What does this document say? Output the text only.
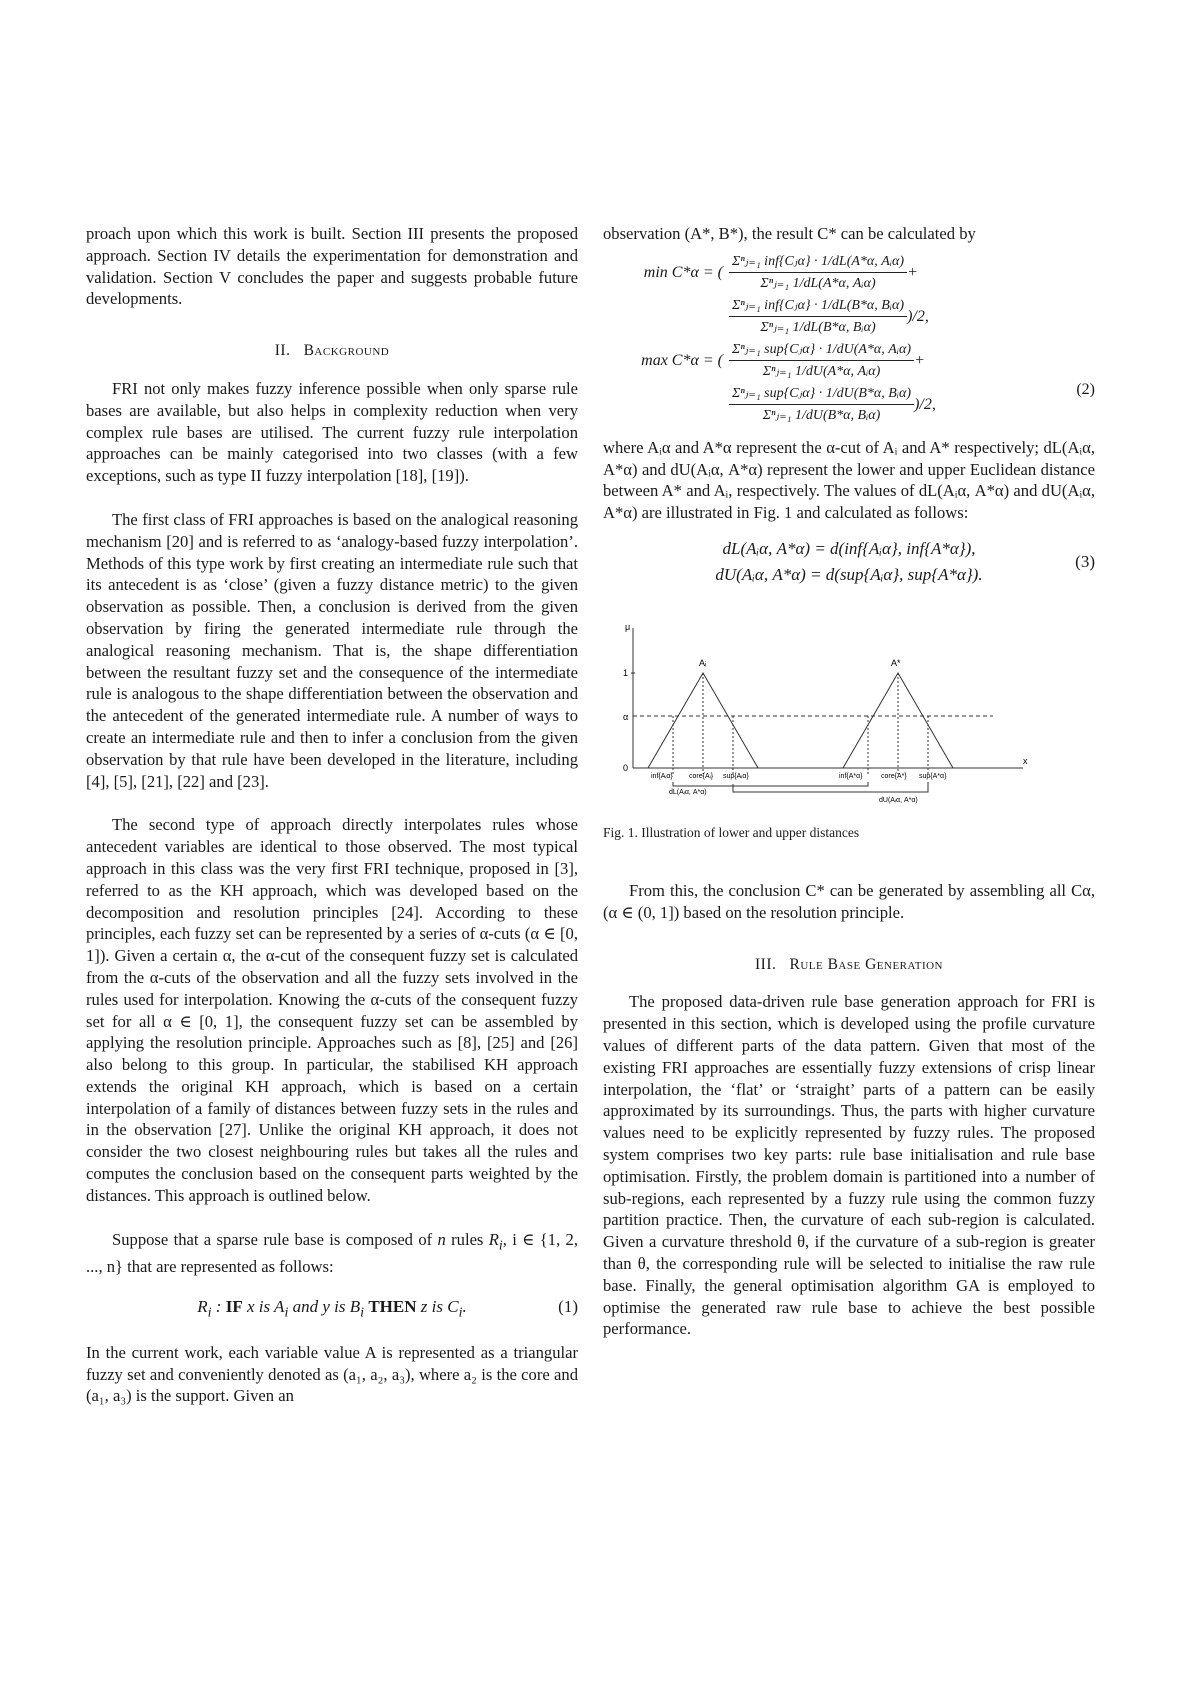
proach upon which this work is built. Section III presents the proposed approach. Section IV details the experimentation for demonstration and validation. Section V concludes the paper and suggests probable future developments.

II. Background

FRI not only makes fuzzy inference possible when only sparse rule bases are available, but also helps in complexity reduction when very complex rule bases are utilised. The current fuzzy rule interpolation approaches can be mainly categorised into two classes (with a few exceptions, such as type II fuzzy interpolation [18], [19]).

The first class of FRI approaches is based on the analogical reasoning mechanism [20] and is referred to as ‘analogy-based fuzzy interpolation’. Methods of this type work by first creating an intermediate rule such that its antecedent is as ‘close’ (given a fuzzy distance metric) to the given observation as possible. Then, a conclusion is derived from the given observation by firing the generated intermediate rule through the analogical reasoning mechanism. That is, the shape differentiation between the resultant fuzzy set and the consequence of the intermediate rule is analogous to the shape differentiation between the observation and the antecedent of the generated intermediate rule. A number of ways to create an intermediate rule and then to infer a conclusion from the given observation by that rule have been developed in the literature, including [4], [5], [21], [22] and [23].

The second type of approach directly interpolates rules whose antecedent variables are identical to those observed. The most typical approach in this class was the very first FRI technique, proposed in [3], referred to as the KH approach, which was developed based on the decomposition and resolution principles [24]. According to these principles, each fuzzy set can be represented by a series of α-cuts (α ∈ [0, 1]). Given a certain α, the α-cut of the consequent fuzzy set is calculated from the α-cuts of the observation and all the fuzzy sets involved in the rules used for interpolation. Knowing the α-cuts of the consequent fuzzy set for all α ∈ [0, 1], the consequent fuzzy set can be assembled by applying the resolution principle. Approaches such as [8], [25] and [26] also belong to this group. In particular, the stabilised KH approach extends the original KH approach, which is based on a certain interpolation of a family of distances between fuzzy sets in the rules and in the observation [27]. Unlike the original KH approach, it does not consider the two closest neighbouring rules but takes all the rules and computes the conclusion based on the consequent parts weighted by the distances. This approach is outlined below.

Suppose that a sparse rule base is composed of n rules $R_i$, i ∈ {1, 2, ..., n} that are represented as follows:

$R_i$ : IF x is $A_i$ and y is $B_i$ THEN z is $C_i$.	(1)

In the current work, each variable value A is represented as a triangular fuzzy set and conveniently denoted as (a₁, a₂, a₃), where a₂ is the core and (a₁, a₃) is the support. Given an

observation (A*, B*), the result C* can be calculated by

min C*α = ( $\frac{\text{Σⁿⱼ₌₁ inf\{Cⱼα\} · 1/dL(A*α, Aᵢα)}}{\text{Σⁿⱼ₌₁ 1/dL(A*α, Aᵢα)}}$ +
$\frac{\text{Σⁿⱼ₌₁ inf\{Cⱼα\} · 1/dL(B*α, Bᵢα)}}{\text{Σⁿⱼ₌₁ 1/dL(B*α, Bᵢα)}} )/2$,
max C*α = ( $\frac{\text{Σⁿⱼ₌₁ sup\{Cⱼα\} · 1/dU(A*α, Aᵢα)}}{\text{Σⁿⱼ₌₁ 1/dU(A*α, Aᵢα)}}$ +
$\frac{\text{Σⁿⱼ₌₁ sup\{Cⱼα\} · 1/dU(B*α, Bᵢα)}}{\text{Σⁿⱼ₌₁ 1/dU(B*α, Bᵢα)}} )/2$,
(2)

where Aᵢα and A*α represent the α-cut of Aᵢ and A* respectively; dL(Aᵢα, A*α) and dU(Aᵢα, A*α) represent the lower and upper Euclidean distance between A* and Aᵢ, respectively. The values of dL(Aᵢα, A*α) and dU(Aᵢα, A*α) are illustrated in Fig. 1 and calculated as follows:

dL(Aᵢα, A*α) = d(inf{Aᵢα}, inf{A*α}),
dU(Aᵢα, A*α) = d(sup{Aᵢα}, sup{A*α}).
(3)
μ
1
α
0
x
Aᵢ	A*
inf{Aᵢα} core{Aᵢ} sup{Aᵢα}	inf{A*α}	core{A*} sup{A*α}
dL(Aᵢα, A*α)
dU(Aᵢα, A*α)
Fig. 1. Illustration of lower and upper distances

From this, the conclusion C* can be generated by assembling all Cα, (α ∈ (0, 1]) based on the resolution principle.

III. Rule Base Generation

The proposed data-driven rule base generation approach for FRI is presented in this section, which is developed using the profile curvature values of different parts of the data pattern. Given that most of the existing FRI approaches are essentially fuzzy extensions of crisp linear interpolation, the ‘flat’ or ‘straight’ parts of a pattern can be easily approximated by its surroundings. Thus, the parts with higher curvature values need to be explicitly represented by fuzzy rules. The proposed system comprises two key parts: rule base initialisation and rule base optimisation. Firstly, the problem domain is partitioned into a number of sub-regions, each represented by a fuzzy rule using the common fuzzy partition practice. Then, the curvature of each sub-region is calculated. Given a curvature threshold θ, if the curvature of a sub-region is greater than θ, the corresponding rule will be selected to initialise the raw rule base. Finally, the general optimisation algorithm GA is employed to optimise the generated raw rule base to achieve the best possible performance.
